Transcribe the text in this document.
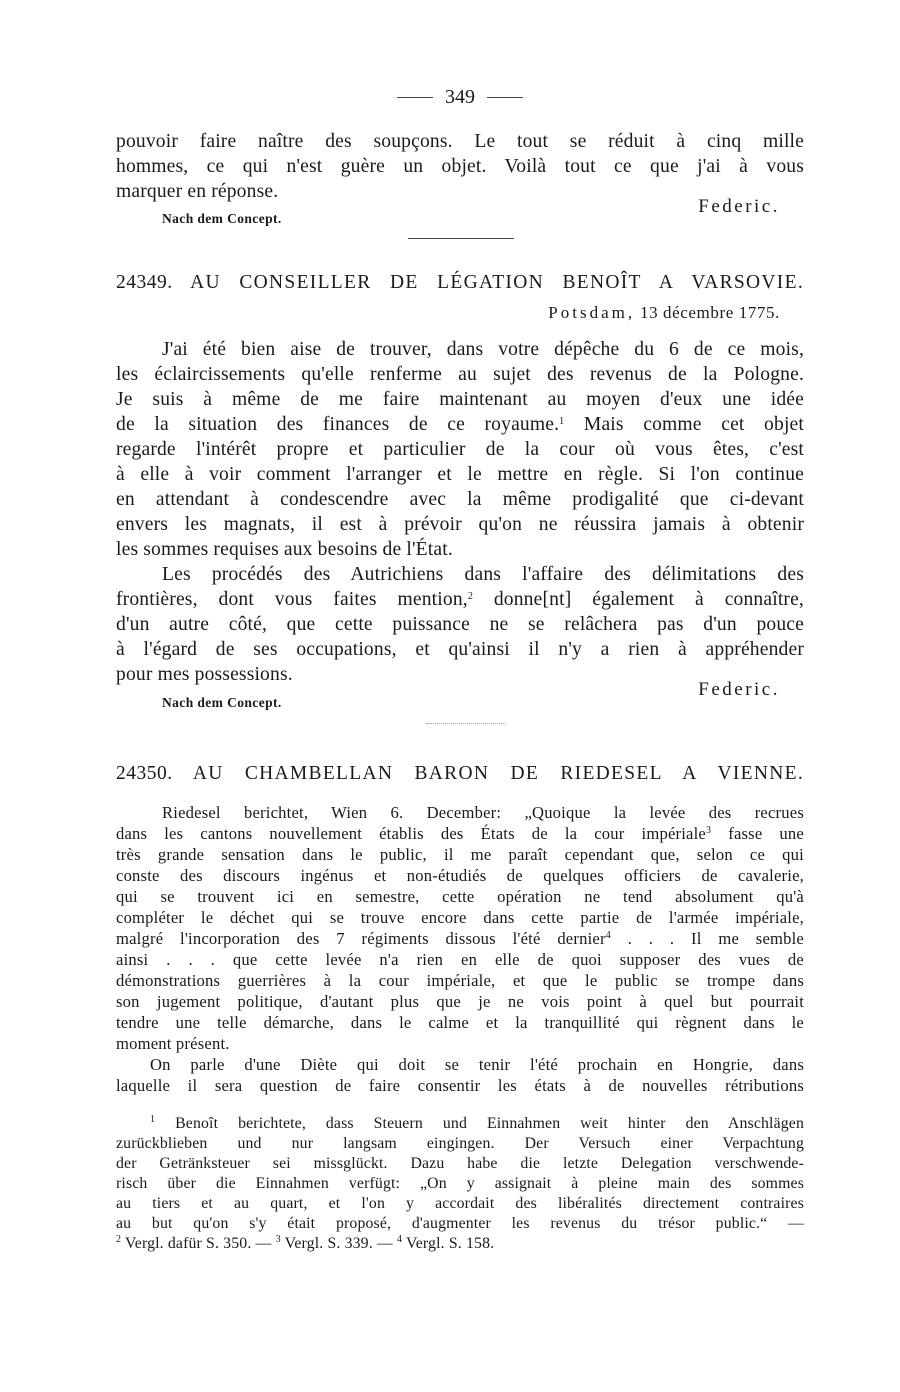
349
pouvoir faire naître des soupçons. Le tout se réduit à cinq mille
hommes, ce qui n'est guère un objet. Voilà tout ce que j'ai à vous
marquer en réponse.
Federic.
Nach dem Concept.
24349. AU CONSEILLER DE LÉGATION BENOÎT A VARSOVIE.
Potsdam, 13 décembre 1775.
J'ai été bien aise de trouver, dans votre dépêche du 6 de ce mois,
les éclaircissements qu'elle renferme au sujet des revenus de la Pologne.
Je suis à même de me faire maintenant au moyen d'eux une idée
de la situation des finances de ce royaume.$^1$ Mais comme cet objet
regarde l'intérêt propre et particulier de la cour où vous êtes, c'est
à elle à voir comment l'arranger et le mettre en règle. Si l'on continue
en attendant à condescendre avec la même prodigalité que ci-devant
envers les magnats, il est à prévoir qu'on ne réussira jamais à obtenir
les sommes requises aux besoins de l'État.
Les procédés des Autrichiens dans l'affaire des délimitations des
frontières, dont vous faites mention,$^2$ donne[nt] également à connaître,
d'un autre côté, que cette puissance ne se relâchera pas d'un pouce
à l'égard de ses occupations, et qu'ainsi il n'y a rien à appréhender
pour mes possessions.
Federic.
Nach dem Concept.
24350. AU CHAMBELLAN BARON DE RIEDESEL A VIENNE.
Riedesel berichtet, Wien 6. December: „Quoique la levée des recrues
dans les cantons nouvellement établis des États de la cour impériale$^3$ fasse une
très grande sensation dans le public, il me paraît cependant que, selon ce qui
conste des discours ingénus et non-étudiés de quelques officiers de cavalerie,
qui se trouvent ici en semestre, cette opération ne tend absolument qu'à
compléter le déchet qui se trouve encore dans cette partie de l'armée impériale,
malgré l'incorporation des 7 régiments dissous l'été dernier$^4$ . . . Il me semble
ainsi . . . que cette levée n'a rien en elle de quoi supposer des vues de
démonstrations guerrières à la cour impériale, et que le public se trompe dans
son jugement politique, d'autant plus que je ne vois point à quel but pourrait
tendre une telle démarche, dans le calme et la tranquillité qui règnent dans le
moment présent.
On parle d'une Diète qui doit se tenir l'été prochain en Hongrie, dans
laquelle il sera question de faire consentir les états à de nouvelles rétributions
$^1$ Benoît berichtete, dass Steuern und Einnahmen weit hinter den Anschlägen
zurückblieben und nur langsam eingingen. Der Versuch einer Verpachtung
der Getränksteuer sei missglückt. Dazu habe die letzte Delegation verschwende-
risch über die Einnahmen verfügt: „On y assignait à pleine main des sommes
au tiers et au quart, et l'on y accordait des libéralités directement contraires
au but qu'on s'y était proposé, d'augmenter les revenus du trésor public.“ —
$^2$ Vergl. dafür S. 350. — $^3$ Vergl. S. 339. — $^4$ Vergl. S. 158.
